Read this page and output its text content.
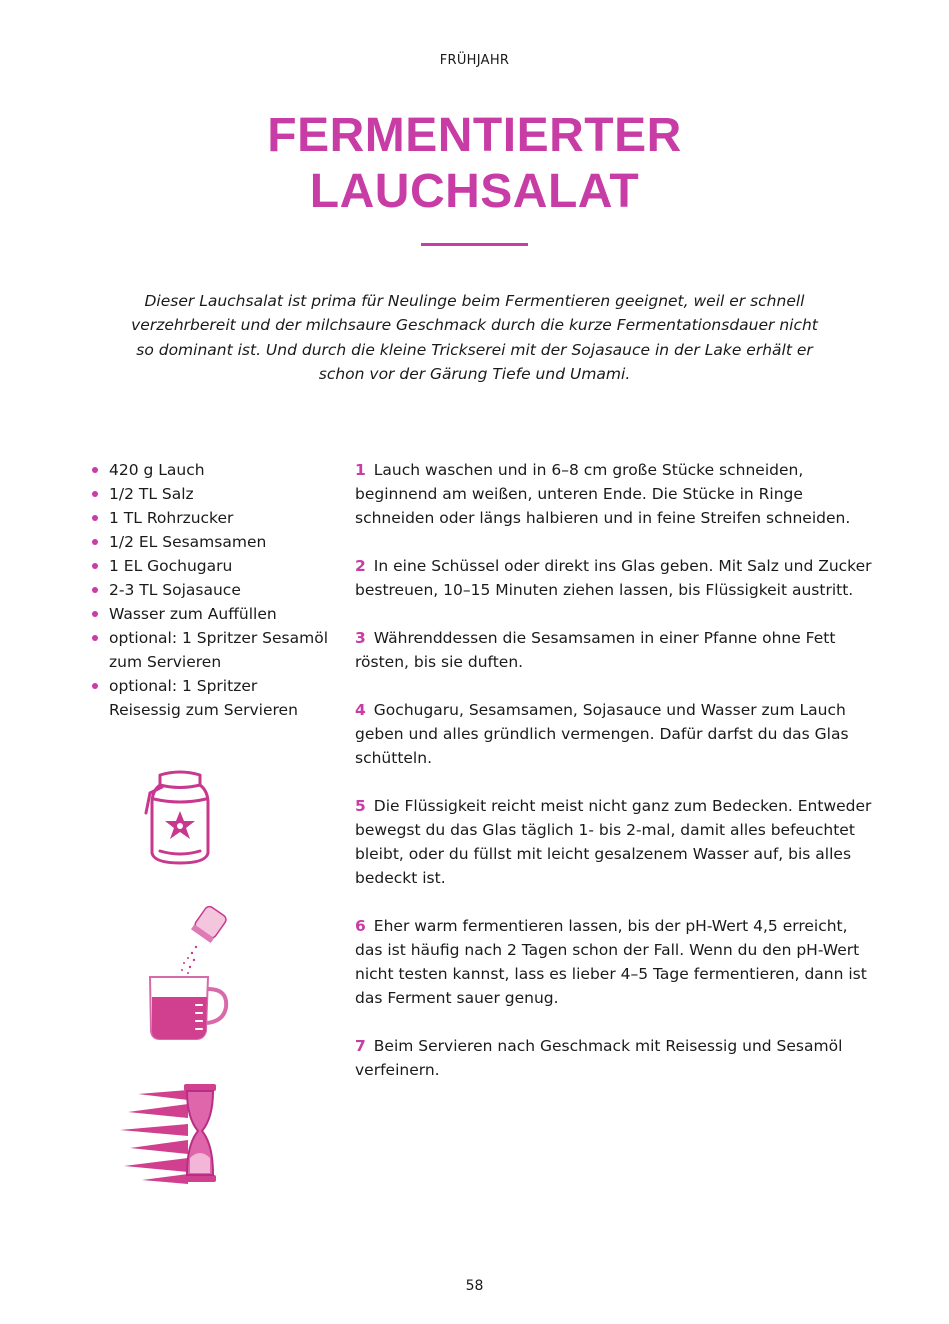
FRÜHJAHR
FERMENTIERTER
LAUCHSALAT

Dieser Lauchsalat ist prima für Neulinge beim Fermentieren geeignet, weil er schnell verzehrbereit und der milchsaure Geschmack durch die kurze Fermentationsdauer nicht so dominant ist. Und durch die kleine Trickserei mit der Sojasauce in der Lake erhält er schon vor der Gärung Tiefe und Umami.

420 g Lauch
1/2 TL Salz
1 TL Rohrzucker
1/2 EL Sesamsamen
1 EL Gochugaru
2-3 TL Sojasauce
Wasser zum Auffüllen
optional: 1 Spritzer Sesamöl zum Servieren
optional: 1 Spritzer Reisessig zum Servieren

1 Lauch waschen und in 6–8 cm große Stücke schneiden, beginnend am weißen, unteren Ende. Die Stücke in Ringe schneiden oder längs halbieren und in feine Streifen schneiden.

2 In eine Schüssel oder direkt ins Glas geben. Mit Salz und Zucker bestreuen, 10–15 Minuten ziehen lassen, bis Flüssigkeit austritt.

3 Währenddessen die Sesamsamen in einer Pfanne ohne Fett rösten, bis sie duften.

4 Gochugaru, Sesamsamen, Sojasauce und Wasser zum Lauch geben und alles gründlich vermengen. Dafür darfst du das Glas schütteln.

5 Die Flüssigkeit reicht meist nicht ganz zum Bedecken. Entweder bewegst du das Glas täglich 1- bis 2-mal, damit alles befeuchtet bleibt, oder du füllst mit leicht gesalzenem Wasser auf, bis alles bedeckt ist.

6 Eher warm fermentieren lassen, bis der pH-Wert 4,5 erreicht, das ist häufig nach 2 Tagen schon der Fall. Wenn du den pH-Wert nicht testen kannst, lass es lieber 4–5 Tage fermentieren, dann ist das Ferment sauer genug.

7 Beim Servieren nach Geschmack mit Reisessig und Sesamöl verfeinern.

58
